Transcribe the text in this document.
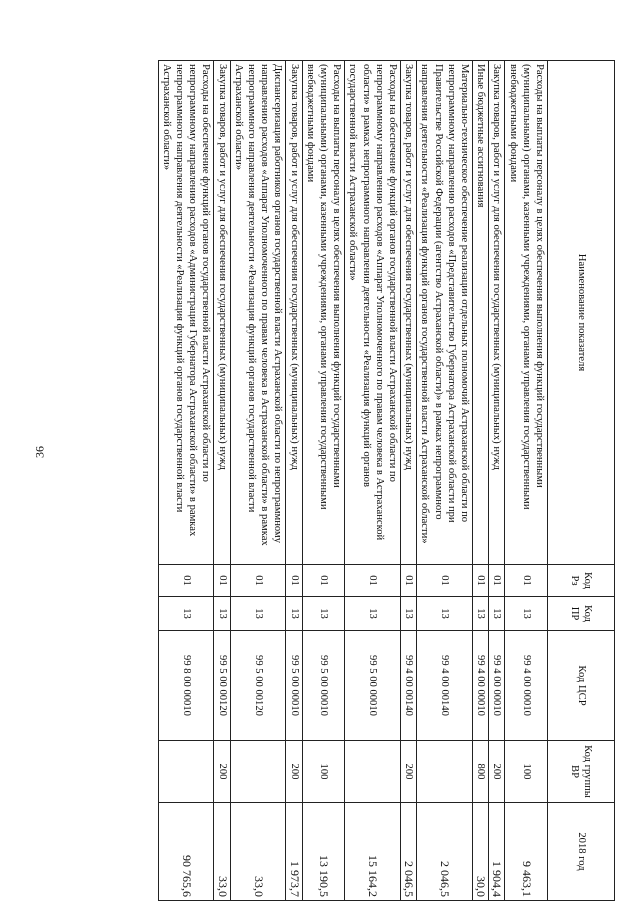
36
Наименование показателя	Код Рз	Код ПР	Код ЦСР	Код группы ВР	2018 год
Расходы на выплаты персоналу в целях обеспечения выполнения функций государственными (муниципальными) органами, казенными учреждениями, органами управления государственными внебюджетными фондами	01	13	99 4 00 00010	100	9 463,1
Закупка товаров, работ и услуг для обеспечения государственных (муниципальных) нужд	01	13	99 4 00 00010	200	1 904,4
Иные бюджетные ассигнования	01	13	99 4 00 00010	800	30,0
Материально-техническое обеспечение реализации отдельных полномочий Астраханской области по непрограммному направлению расходов «Представительство Губернатора Астраханской области при Правительстве Российской Федерации (агентство Астраханской области)» в рамках непрограммного направления деятельности «Реализация функций органов государственной власти Астраханской области»	01	13	99 4 00 00140		2 046,5
Закупка товаров, работ и услуг для обеспечения государственных (муниципальных) нужд	01	13	99 4 00 00140	200	2 046,5
Расходы на обеспечение функций органов государственной власти Астраханской области по непрограммному направлению расходов «Аппарат Уполномоченного по правам человека в Астраханской области» в рамках непрограммного направления деятельности «Реализация функций органов государственной власти Астраханской области»	01	13	99 5 00 00010		15 164,2
Расходы на выплаты персоналу в целях обеспечения выполнения функций государственными (муниципальными) органами, казенными учреждениями, органами управления государственными внебюджетными фондами	01	13	99 5 00 00010	100	13 190,5
Закупка товаров, работ и услуг для обеспечения государственных (муниципальных) нужд	01	13	99 5 00 00010	200	1 973,7
Диспансеризация работников органов государственной власти Астраханской области по непрограммному направлению расходов «Аппарат Уполномоченного по правам человека в Астраханской области» в рамках непрограммного направления деятельности «Реализация функций органов государственной власти Астраханской области»	01	13	99 5 00 00120		33,0
Закупка товаров, работ и услуг для обеспечения государственных (муниципальных) нужд	01	13	99 5 00 00120	200	33,0
Расходы на обеспечение функций органов государственной власти Астраханской области по непрограммному направлению расходов «Администрация Губернатора Астраханской области» в рамках непрограммного направления деятельности «Реализация функций органов государственной власти Астраханской области»	01	13	99 8 00 00010		90 765,6
